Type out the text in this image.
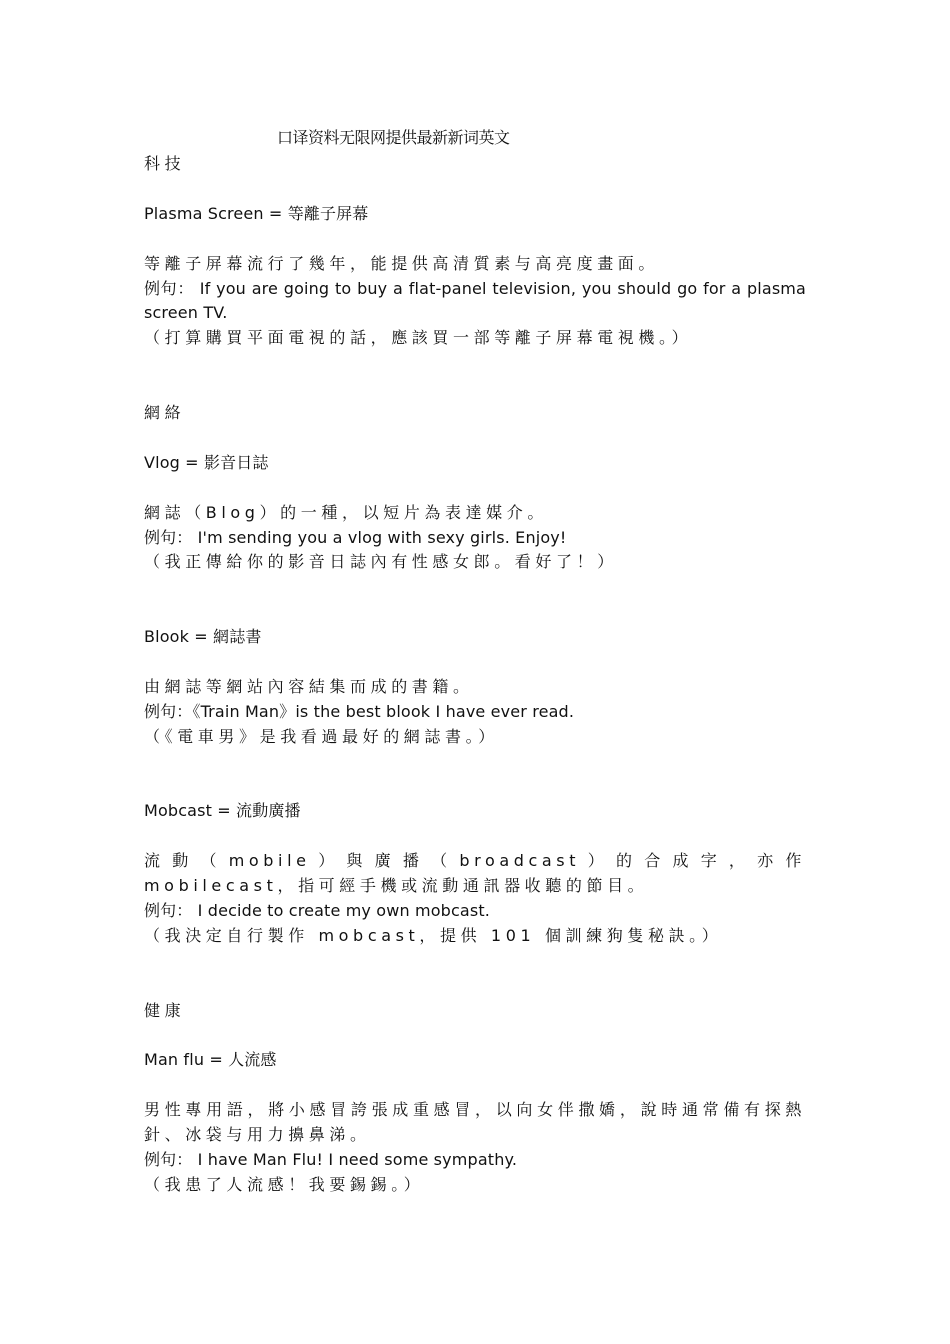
口译资料无限网提供最新新词英文
科技
Plasma Screen = 等離子屏幕
等離子屏幕流行了幾年，能提供高清質素与高亮度畫面。
例句： If you are going to buy a flat-panel television, you should go for a plasma screen TV.
（打算購買平面電視的話，應該買一部等離子屏幕電視機。）
網絡
Vlog = 影音日誌
網誌（Blog）的一種，以短片為表達媒介。
例句： I'm sending you a vlog with sexy girls. Enjoy!
（我正傳給你的影音日誌內有性感女郎。看好了！）
Blook = 網誌書
由網誌等網站內容結集而成的書籍。
例句：《Train Man》is the best blook I have ever read.
（《電車男》是我看過最好的網誌書。）
Mobcast = 流動廣播
流動（mobile）與廣播（broadcast）的合成字，亦作 mobilecast，指可經手機或流動通訊器收聽的節目。
例句： I decide to create my own mobcast.
（我決定自行製作 mobcast，提供 101 個訓練狗隻秘訣。）
健康
Man flu = 人流感
男性專用語，將小感冒誇張成重感冒，以向女伴撒嬌，說時通常備有探熱針、冰袋与用力擤鼻涕。
例句： I have Man Flu! I need some sympathy.
（我患了人流感！我要錫錫。）
